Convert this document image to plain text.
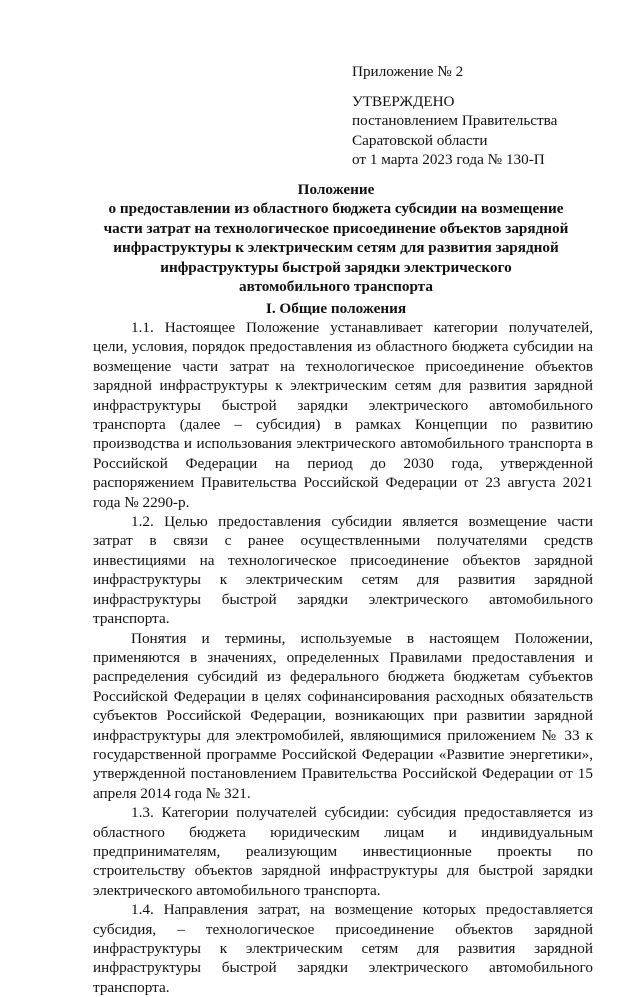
Приложение № 2
УТВЕРЖДЕНО
постановлением Правительства
Саратовской области
от 1 марта 2023 года № 130-П
Положение
о предоставлении из областного бюджета субсидии на возмещение
части затрат на технологическое присоединение объектов зарядной
инфраструктуры к электрическим сетям для развития зарядной
инфраструктуры быстрой зарядки электрического
автомобильного транспорта
I. Общие положения

1.1. Настоящее Положение устанавливает категории получателей, цели, условия, порядок предоставления из областного бюджета субсидии на возмещение части затрат на технологическое присоединение объектов зарядной инфраструктуры к электрическим сетям для развития зарядной инфраструктуры быстрой зарядки электрического автомобильного транспорта (далее – субсидия) в рамках Концепции по развитию производства и использования электрического автомобильного транспорта в Российской Федерации на период до 2030 года, утвержденной распоряжением Правительства Российской Федерации от 23 августа 2021 года № 2290-р.

1.2. Целью предоставления субсидии является возмещение части затрат в связи с ранее осуществленными получателями средств инвестициями на технологическое присоединение объектов зарядной инфраструктуры к электрическим сетям для развития зарядной инфраструктуры быстрой зарядки электрического автомобильного транспорта.

Понятия и термины, используемые в настоящем Положении, применяются в значениях, определенных Правилами предоставления и распределения субсидий из федерального бюджета бюджетам субъектов Российской Федерации в целях софинансирования расходных обязательств субъектов Российской Федерации, возникающих при развитии зарядной инфраструктуры для электромобилей, являющимися приложением № 33 к государственной программе Российской Федерации «Развитие энергетики», утвержденной постановлением Правительства Российской Федерации от 15 апреля 2014 года № 321.

1.3. Категории получателей субсидии: субсидия предоставляется из областного бюджета юридическим лицам и индивидуальным предпринимателям, реализующим инвестиционные проекты по строительству объектов зарядной инфраструктуры для быстрой зарядки электрического автомобильного транспорта.

1.4. Направления затрат, на возмещение которых предоставляется субсидия, – технологическое присоединение объектов зарядной инфраструктуры к электрическим сетям для развития зарядной инфраструктуры быстрой зарядки электрического автомобильного транспорта.
